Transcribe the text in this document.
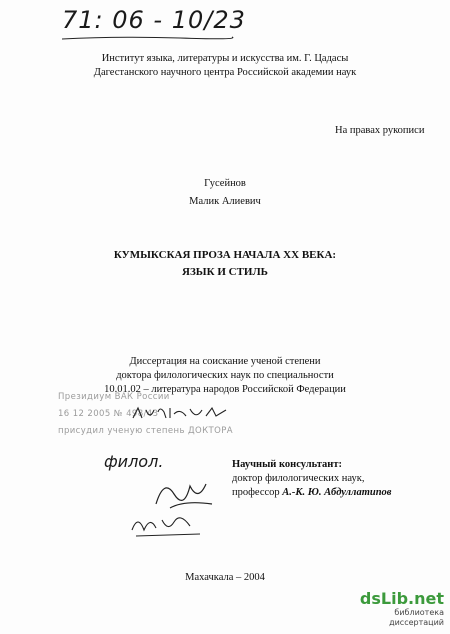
71: 06 - 10/23
Институт языка, литературы и искусства им. Г. Цадасы
Дагестанского научного центра Российской академии наук
На правах рукописи
Гусейнов
Малик Алиевич
КУМЫКСКАЯ ПРОЗА НАЧАЛА XX ВЕКА:
ЯЗЫК И СТИЛЬ
Диссертация на соискание ученой степени
доктора филологических наук по специальности
10.01.02 – литература народов Российской Федерации
Президиум ВАК России
16 12 2005 № 498/43
присудил ученую степень ДОКТОРА
филол.	Научный консультант:
доктор филологических наук,
профессор А.-К. Ю. Абдуллатипов
Махачкала – 2004
dsLib.net
библиотека диссертаций
